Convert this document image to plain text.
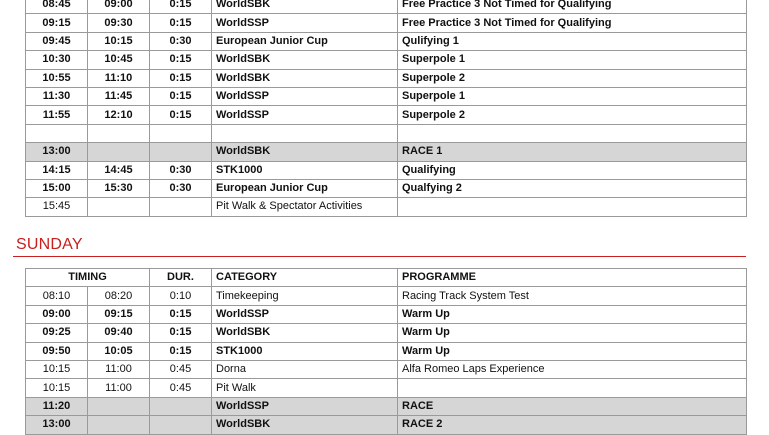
08:45	09:00	0:15	WorldSBK	Free Practice 3 Not Timed for Qualifying
09:15	09:30	0:15	WorldSSP	Free Practice 3 Not Timed for Qualifying
09:45	10:15	0:30	European Junior Cup	Qulifying 1
10:30	10:45	0:15	WorldSBK	Superpole 1
10:55	11:10	0:15	WorldSBK	Superpole 2
11:30	11:45	0:15	WorldSSP	Superpole 1
11:55	12:10	0:15	WorldSSP	Superpole 2

13:00			WorldSBK	RACE 1
14:15	14:45	0:30	STK1000	Qualifying
15:00	15:30	0:30	European Junior Cup	Qualfying 2
15:45			Pit Walk & Spectator Activities	
SUNDAY
TIMING		DUR.	CATEGORY	PROGRAMME
08:10	08:20	0:10	Timekeeping	Racing Track System Test
09:00	09:15	0:15	WorldSSP	Warm Up
09:25	09:40	0:15	WorldSBK	Warm Up
09:50	10:05	0:15	STK1000	Warm Up
10:15	11:00	0:45	Dorna	Alfa Romeo Laps Experience
10:15	11:00	0:45	Pit Walk	
11:20			WorldSSP	RACE
13:00			WorldSBK	RACE 2
